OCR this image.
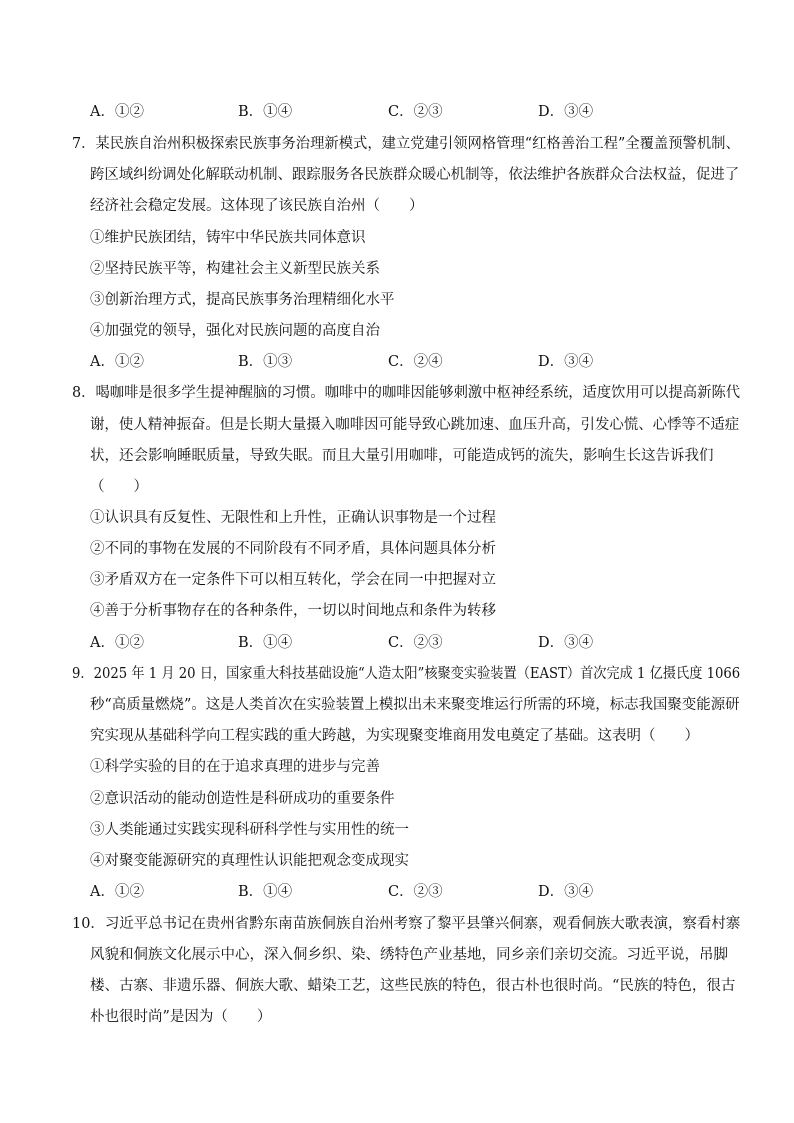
A．①②	B．①④	C．②③	D．③④
7．某民族自治州积极探索民族事务治理新模式，建立党建引领网格管理“红格善治工程”全覆盖预警机制、
跨区域纠纷调处化解联动机制、跟踪服务各民族群众暖心机制等，依法维护各族群众合法权益，促进了
经济社会稳定发展。这体现了该民族自治州（　　）
①维护民族团结，铸牢中华民族共同体意识
②坚持民族平等，构建社会主义新型民族关系
③创新治理方式，提高民族事务治理精细化水平
④加强党的领导，强化对民族问题的高度自治
A．①②	B．①③	C．②④	D．③④
8．喝咖啡是很多学生提神醒脑的习惯。咖啡中的咖啡因能够刺激中枢神经系统，适度饮用可以提高新陈代
谢，使人精神振奋。但是长期大量摄入咖啡因可能导致心跳加速、血压升高，引发心慌、心悸等不适症
状，还会影响睡眠质量，导致失眠。而且大量引用咖啡，可能造成钙的流失，影响生长这告诉我们
（　　）
①认识具有反复性、无限性和上升性，正确认识事物是一个过程
②不同的事物在发展的不同阶段有不同矛盾，具体问题具体分析
③矛盾双方在一定条件下可以相互转化，学会在同一中把握对立
④善于分析事物存在的各种条件，一切以时间地点和条件为转移
A．①②	B．①④	C．②③	D．③④
9．2025 年 1 月 20 日，国家重大科技基础设施“人造太阳”核聚变实验装置（EAST）首次完成 1 亿摄氏度 1066
秒“高质量燃烧”。这是人类首次在实验装置上模拟出未来聚变堆运行所需的环境，标志我国聚变能源研
究实现从基础科学向工程实践的重大跨越，为实现聚变堆商用发电奠定了基础。这表明（　　）
①科学实验的目的在于追求真理的进步与完善
②意识活动的能动创造性是科研成功的重要条件
③人类能通过实践实现科研科学性与实用性的统一
④对聚变能源研究的真理性认识能把观念变成现实
A．①②	B．①④	C．②③	D．③④
10．习近平总书记在贵州省黔东南苗族侗族自治州考察了黎平县肇兴侗寨，观看侗族大歌表演，察看村寨
风貌和侗族文化展示中心，深入侗乡织、染、绣特色产业基地，同乡亲们亲切交流。习近平说，吊脚
楼、古寨、非遗乐器、侗族大歌、蜡染工艺，这些民族的特色，很古朴也很时尚。“民族的特色，很古
朴也很时尚”是因为（　　）
